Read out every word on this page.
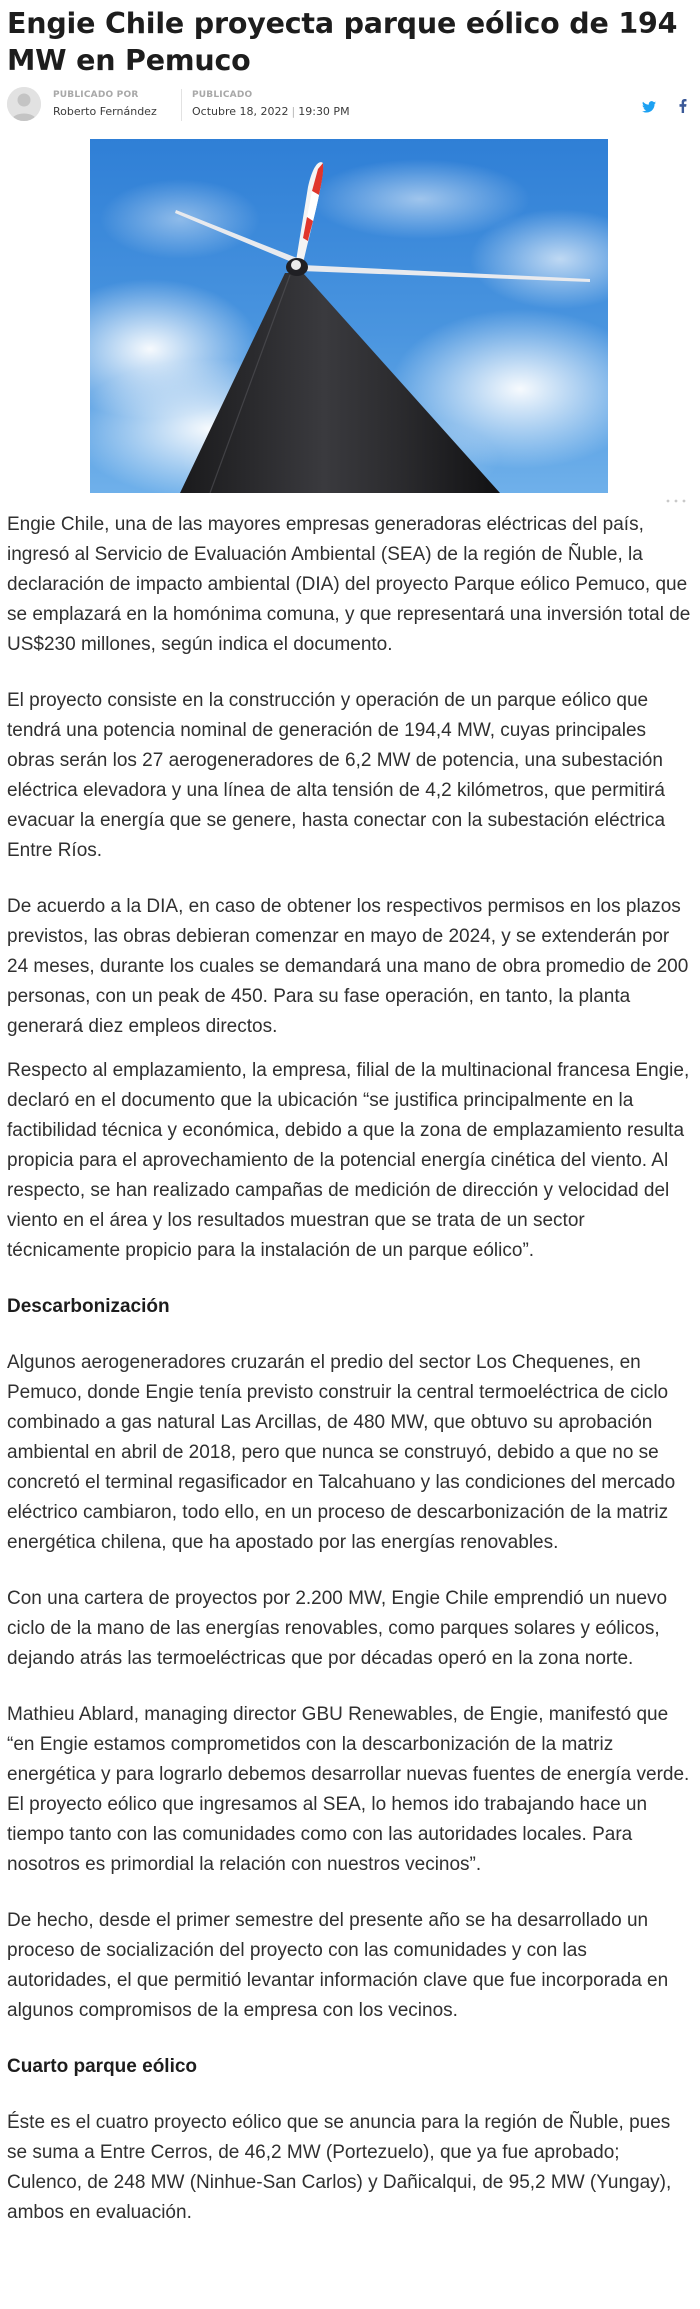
Engie Chile proyecta parque eólico de 194 MW en Pemuco
PUBLICADO POR
Roberto Fernández
PUBLICADO
Octubre 18, 2022 | 19:30 PM

Engie Chile, una de las mayores empresas generadoras eléctricas del país, ingresó al Servicio de Evaluación Ambiental (SEA) de la región de Ñuble, la declaración de impacto ambiental (DIA) del proyecto Parque eólico Pemuco, que se emplazará en la homónima comuna, y que representará una inversión total de US$230 millones, según indica el documento.

El proyecto consiste en la construcción y operación de un parque eólico que tendrá una potencia nominal de generación de 194,4 MW, cuyas principales obras serán los 27 aerogeneradores de 6,2 MW de potencia, una subestación eléctrica elevadora y una línea de alta tensión de 4,2 kilómetros, que permitirá evacuar la energía que se genere, hasta conectar con la subestación eléctrica Entre Ríos.

De acuerdo a la DIA, en caso de obtener los respectivos permisos en los plazos previstos, las obras debieran comenzar en mayo de 2024, y se extenderán por 24 meses, durante los cuales se demandará una mano de obra promedio de 200 personas, con un peak de 450. Para su fase operación, en tanto, la planta generará diez empleos directos.

Respecto al emplazamiento, la empresa, filial de la multinacional francesa Engie, declaró en el documento que la ubicación “se justifica principalmente en la factibilidad técnica y económica, debido a que la zona de emplazamiento resulta propicia para el aprovechamiento de la potencial energía cinética del viento. Al respecto, se han realizado campañas de medición de dirección y velocidad del viento en el área y los resultados muestran que se trata de un sector técnicamente propicio para la instalación de un parque eólico”.

Descarbonización

Algunos aerogeneradores cruzarán el predio del sector Los Chequenes, en Pemuco, donde Engie tenía previsto construir la central termoeléctrica de ciclo combinado a gas natural Las Arcillas, de 480 MW, que obtuvo su aprobación ambiental en abril de 2018, pero que nunca se construyó, debido a que no se concretó el terminal regasificador en Talcahuano y las condiciones del mercado eléctrico cambiaron, todo ello, en un proceso de descarbonización de la matriz energética chilena, que ha apostado por las energías renovables.

Con una cartera de proyectos por 2.200 MW, Engie Chile emprendió un nuevo ciclo de la mano de las energías renovables, como parques solares y eólicos, dejando atrás las termoeléctricas que por décadas operó en la zona norte.

Mathieu Ablard, managing director GBU Renewables, de Engie, manifestó que “en Engie estamos comprometidos con la descarbonización de la matriz energética y para lograrlo debemos desarrollar nuevas fuentes de energía verde. El proyecto eólico que ingresamos al SEA, lo hemos ido trabajando hace un tiempo tanto con las comunidades como con las autoridades locales. Para nosotros es primordial la relación con nuestros vecinos”.

De hecho, desde el primer semestre del presente año se ha desarrollado un proceso de socialización del proyecto con las comunidades y con las autoridades, el que permitió levantar información clave que fue incorporada en algunos compromisos de la empresa con los vecinos.

Cuarto parque eólico

Éste es el cuatro proyecto eólico que se anuncia para la región de Ñuble, pues se suma a Entre Cerros, de 46,2 MW (Portezuelo), que ya fue aprobado; Culenco, de 248 MW (Ninhue-San Carlos) y Dañicalqui, de 95,2 MW (Yungay), ambos en evaluación.
